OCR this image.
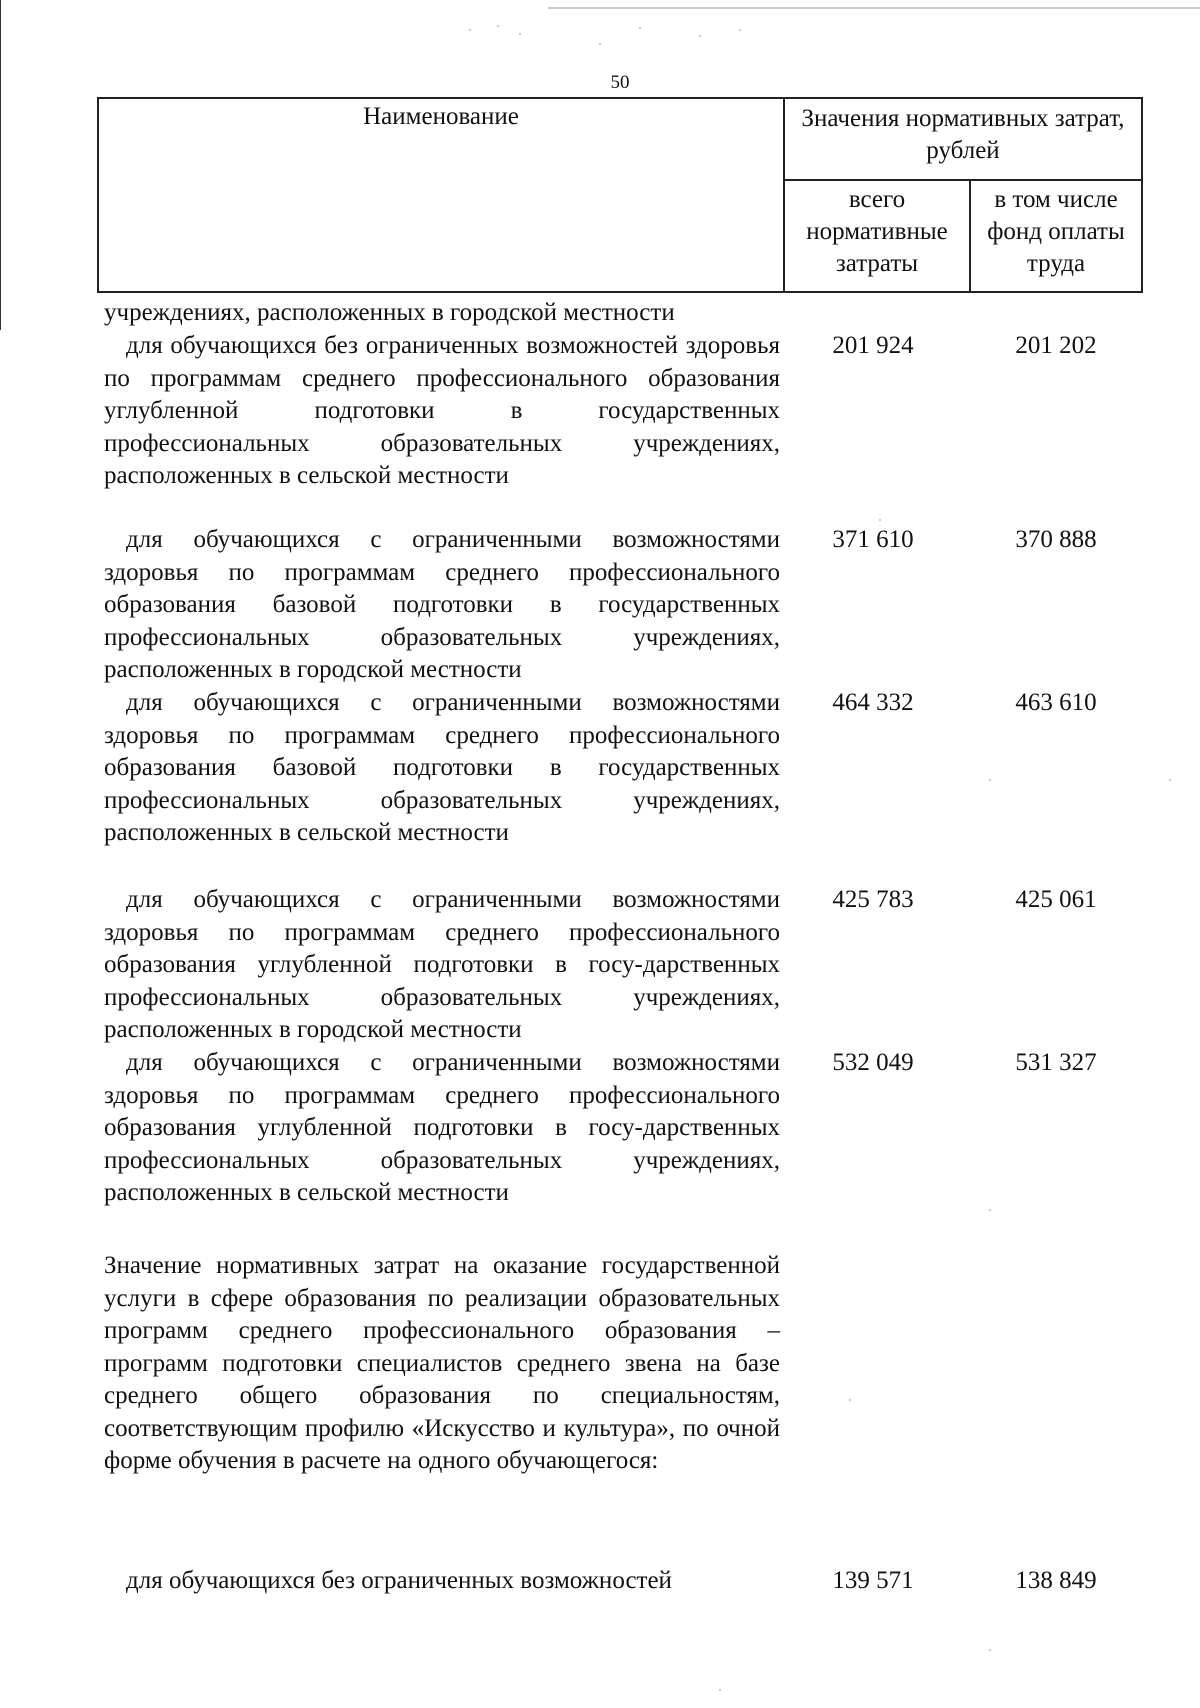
50
Наименование	Значения нормативных затрат, рублей
всего нормативные затраты
в том числе фонд оплаты труда
учреждениях, расположенных в городской местности
для обучающихся без ограниченных возможностей здоровья по программам среднего профессионального образования углубленной подготовки в государственных профессиональных образовательных учреждениях, расположенных в сельской местности
201 924	201 202
для обучающихся с ограниченными возможностями здоровья по программам среднего профессионального образования базовой подготовки в государственных профессиональных образовательных учреждениях, расположенных в городской местности
371 610	370 888
для обучающихся с ограниченными возможностями здоровья по программам среднего профессионального образования базовой подготовки в государственных профессиональных образовательных учреждениях, расположенных в сельской местности
464 332	463 610
для обучающихся с ограниченными возможностями здоровья по программам среднего профессионального образования углубленной подготовки в госу-дарственных профессиональных образовательных учреждениях, расположенных в городской местности
425 783	425 061
для обучающихся с ограниченными возможностями здоровья по программам среднего профессионального образования углубленной подготовки в госу-дарственных профессиональных образовательных учреждениях, расположенных в сельской местности
532 049	531 327
Значение нормативных затрат на оказание государственной услуги в сфере образования по реализации образовательных программ среднего профессионального образования – программ подготовки специалистов среднего звена на базе среднего общего образования по специальностям, соответствующим профилю «Искусство и культура», по очной форме обучения в расчете на одного обучающегося:
для обучающихся без ограниченных возможностей	139 571	138 849
